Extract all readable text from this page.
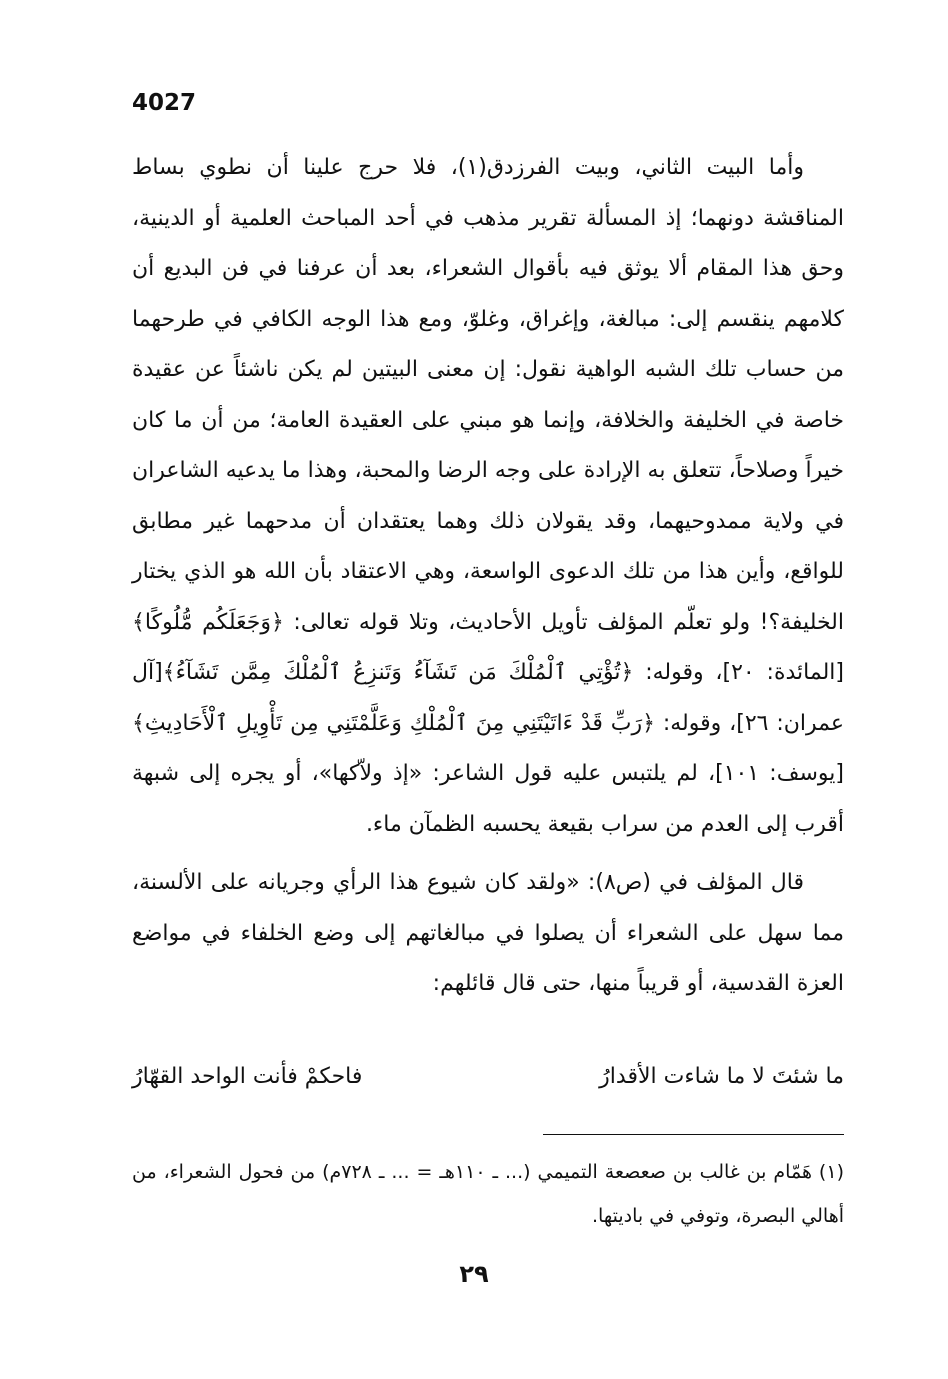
4027

وأما البيت الثاني، وبيت الفرزدق(١)، فلا حرج علينا أن نطوي بساط المناقشة دونهما؛ إذ المسألة تقرير مذهب في أحد المباحث العلمية أو الدينية، وحق هذا المقام ألا يوثق فيه بأقوال الشعراء، بعد أن عرفنا في فن البديع أن كلامهم ينقسم إلى: مبالغة، وإغراق، وغلوّ، ومع هذا الوجه الكافي في طرحهما من حساب تلك الشبه الواهية نقول: إن معنى البيتين لم يكن ناشئاً عن عقيدة خاصة في الخليفة والخلافة، وإنما هو مبني على العقيدة العامة؛ من أن ما كان خيراً وصلاحاً، تتعلق به الإرادة على وجه الرضا والمحبة، وهذا ما يدعيه الشاعران في ولاية ممدوحيهما، وقد يقولان ذلك وهما يعتقدان أن مدحهما غير مطابق للواقع، وأين هذا من تلك الدعوى الواسعة، وهي الاعتقاد بأن الله هو الذي يختار الخليفة؟! ولو تعلّم المؤلف تأويل الأحاديث، وتلا قوله تعالى: ﴿وَجَعَلَكُم مُّلُوكًا﴾[المائدة: ٢٠]، وقوله: ﴿تُؤْتِي ٱلْمُلْكَ مَن تَشَآءُ وَتَنزِعُ ٱلْمُلْكَ مِمَّن تَشَآءُ﴾[آل عمران: ٢٦]، وقوله: ﴿رَبِّ قَدْ ءَاتَيْتَنِي مِنَ ٱلْمُلْكِ وَعَلَّمْتَنِي مِن تَأْوِيلِ ٱلْأَحَادِيثِ﴾[يوسف: ١٠١]، لم يلتبس عليه قول الشاعر: «إذ ولاّكها»، أو يجره إلى شبهة أقرب إلى العدم من سراب بقيعة يحسبه الظمآن ماء.

قال المؤلف في (ص٨): «ولقد كان شيوع هذا الرأي وجريانه على الألسنة، مما سهل على الشعراء أن يصلوا في مبالغاتهم إلى وضع الخلفاء في مواضع العزة القدسية، أو قريباً منها، حتى قال قائلهم:

ما شئتَ لا ما شاءت الأقدارُ
فاحكمْ فأنت الواحد القهّارُ
(١) هَمّام بن غالب بن صعصعة التميمي (... ـ ١١٠هـ = ... ـ ٧٢٨م) من فحول الشعراء، من أهالي البصرة، وتوفي في باديتها.
٢٩
